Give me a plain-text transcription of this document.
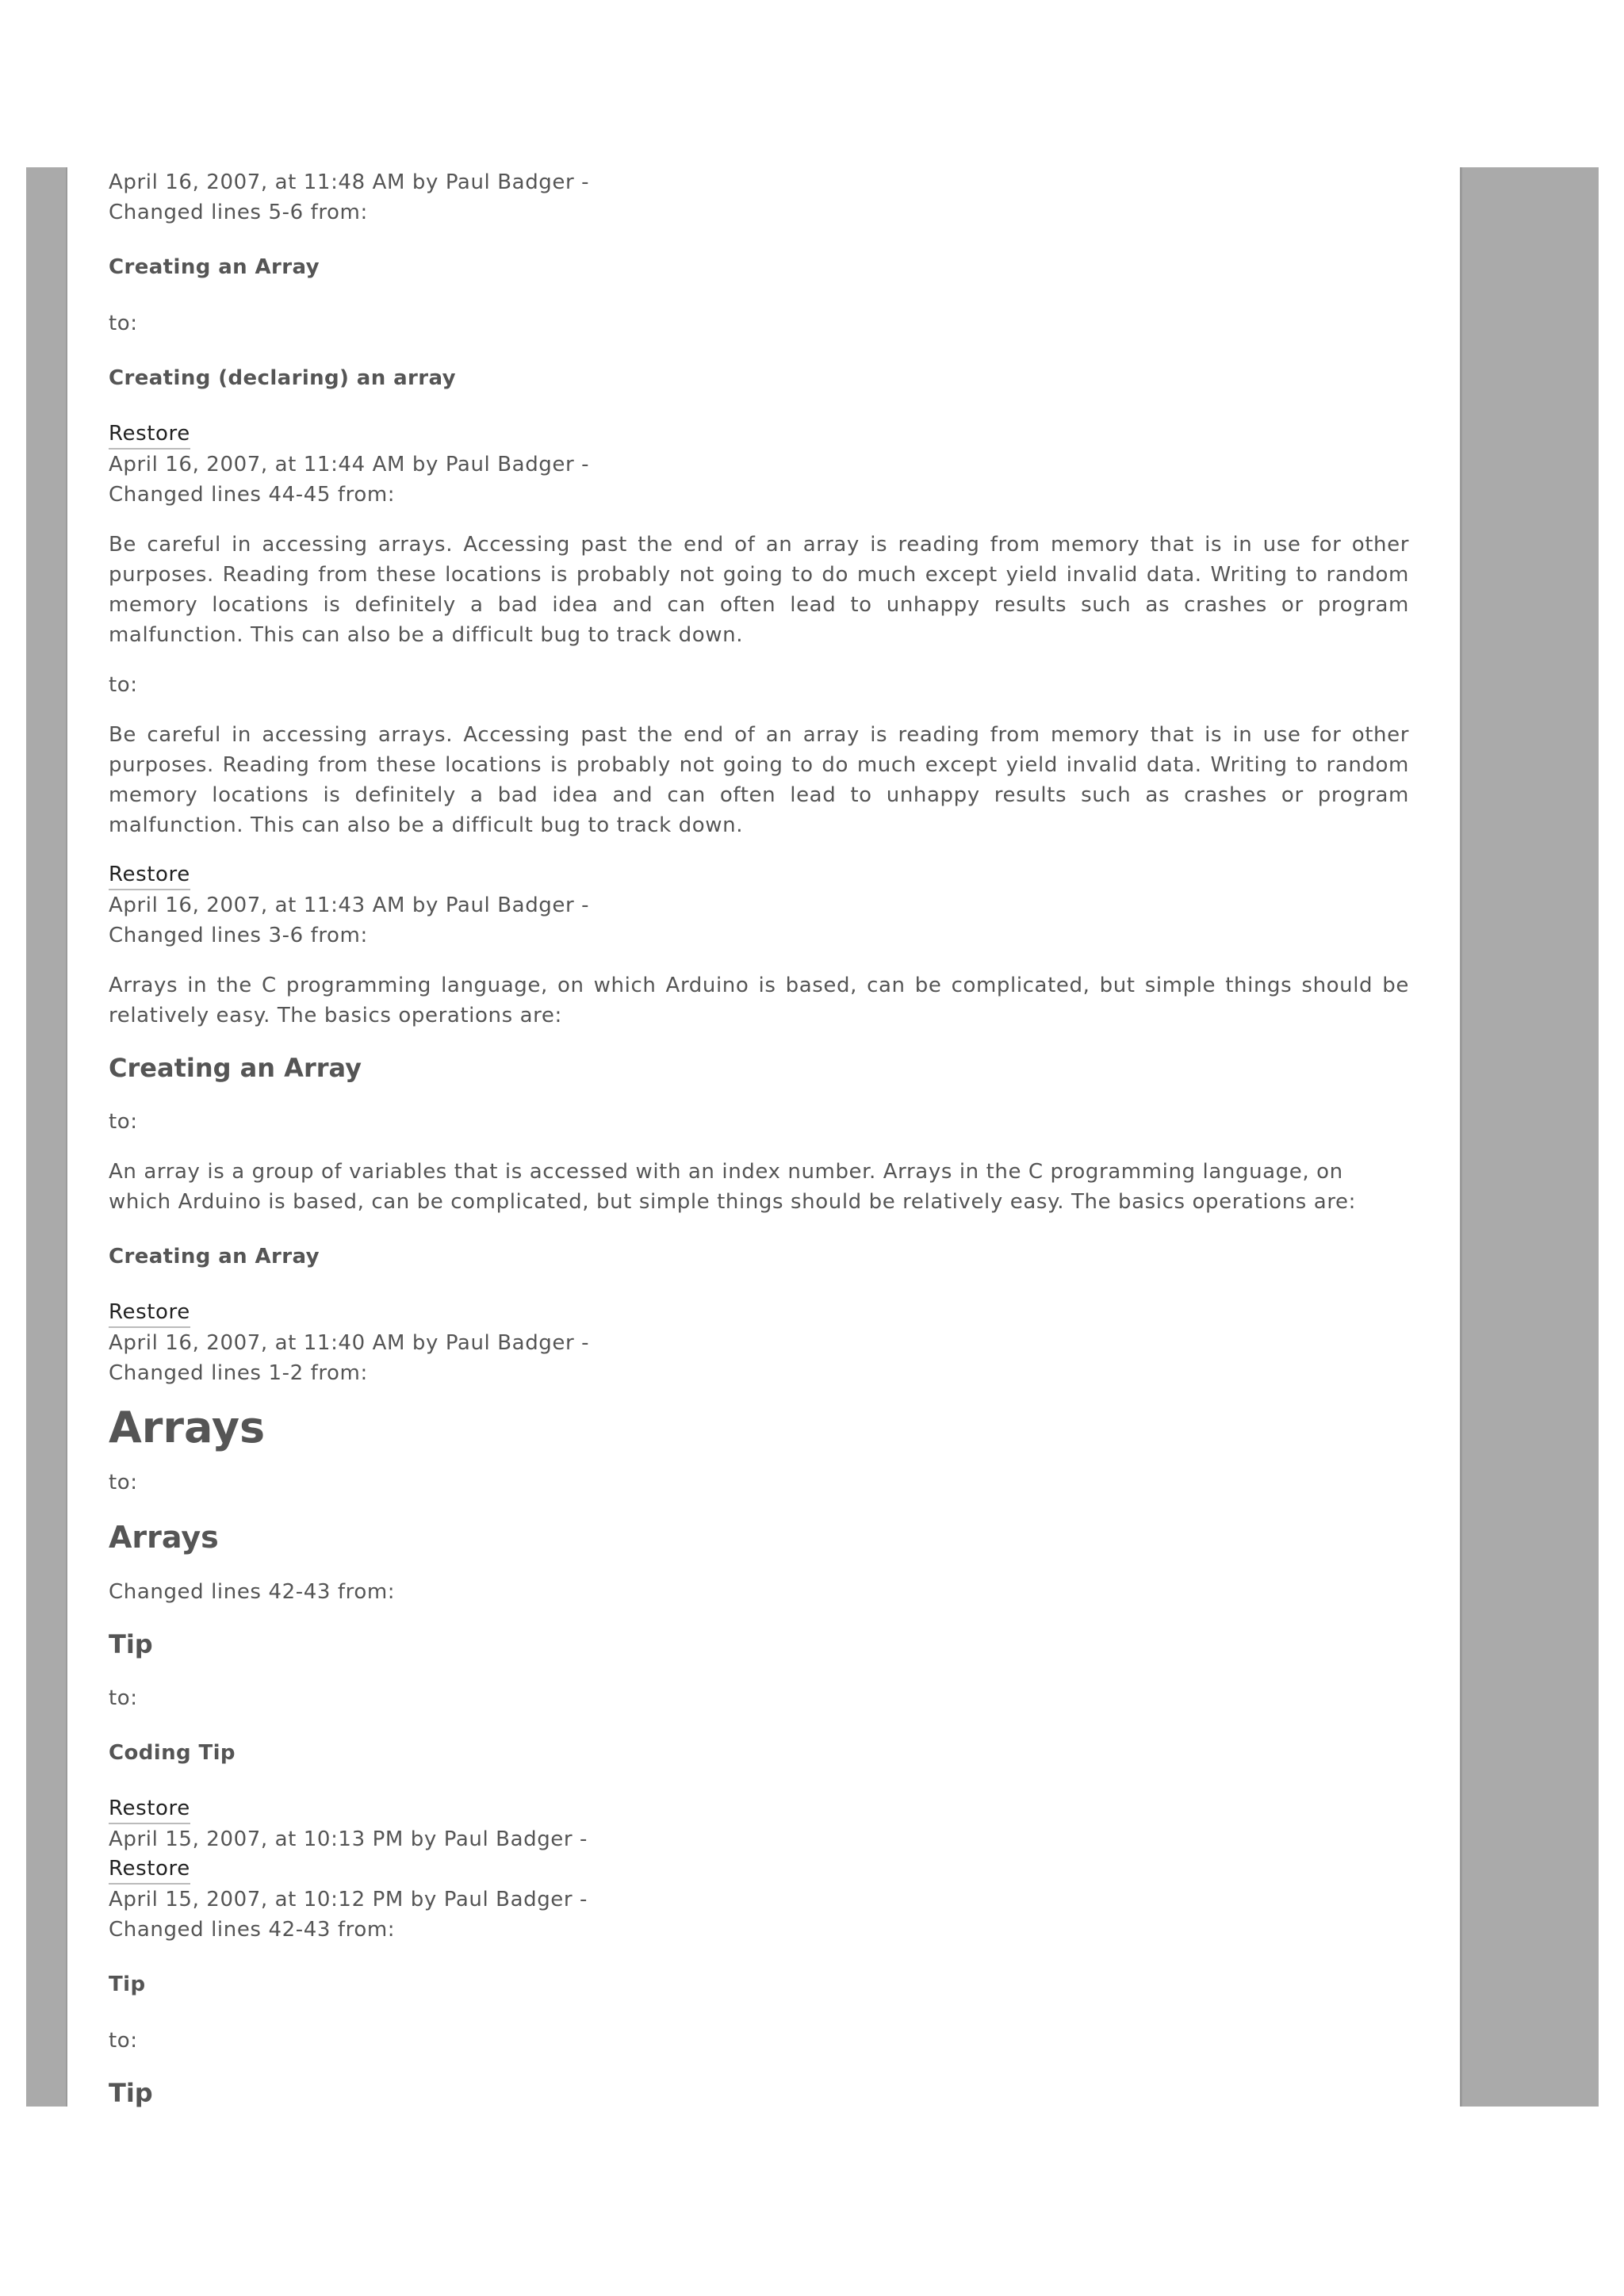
April 16, 2007, at 11:48 AM by Paul Badger -

Changed lines 5-6 from:

Creating an Array

to:

Creating (declaring) an array
Restore

April 16, 2007, at 11:44 AM by Paul Badger -

Changed lines 44-45 from:

Be careful in accessing arrays. Accessing past the end of an array is reading from memory that is in use for other purposes. Reading from these locations is probably not going to do much except yield invalid data. Writing to random memory locations is definitely a bad idea and can often lead to unhappy results such as crashes or program malfunction. This can also be a difficult bug to track down.

to:

Be careful in accessing arrays. Accessing past the end of an array is reading from memory that is in use for other purposes. Reading from these locations is probably not going to do much except yield invalid data. Writing to random memory locations is definitely a bad idea and can often lead to unhappy results such as crashes or program malfunction. This can also be a difficult bug to track down.

Restore

April 16, 2007, at 11:43 AM by Paul Badger -

Changed lines 3-6 from:

Arrays in the C programming language, on which Arduino is based, can be complicated, but simple things should be relatively easy. The basics operations are:

Creating an Array

to:

An array is a group of variables that is accessed with an index number. Arrays in the C programming language, on which Arduino is based, can be complicated, but simple things should be relatively easy. The basics operations are:

Creating an Array
Restore

April 16, 2007, at 11:40 AM by Paul Badger -

Changed lines 1-2 from:

Arrays

to:

Arrays

Changed lines 42-43 from:

Tip

to:

Coding Tip
Restore

April 15, 2007, at 10:13 PM by Paul Badger -

Restore

April 15, 2007, at 10:12 PM by Paul Badger -

Changed lines 42-43 from:

Tip

to:

Tip
